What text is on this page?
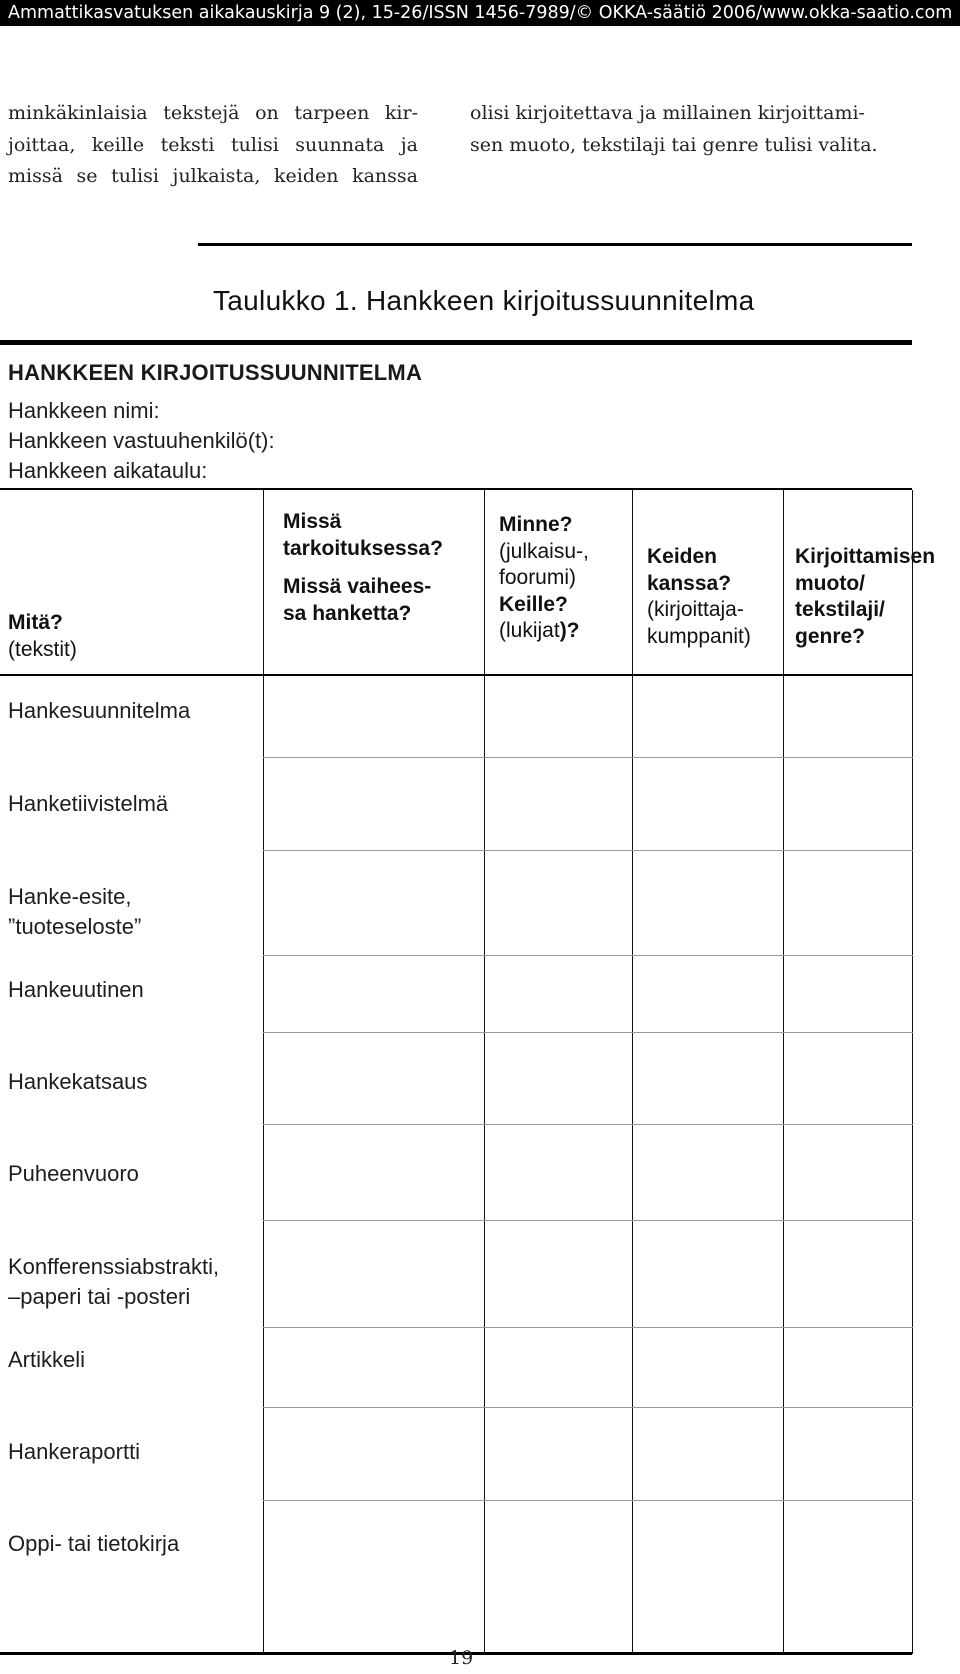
Ammattikasvatuksen aikakauskirja 9 (2), 15-26/ISSN 1456-7989/© OKKA-säätiö 2006/www.okka-saatio.com
minkäkinlaisia tekstejä on tarpeen kir-
joittaa, keille teksti tulisi suunnata ja
missä se tulisi julkaista, keiden kanssa
olisi kirjoitettava ja millainen kirjoittami-
sen muoto, tekstilaji tai genre tulisi valita.
Taulukko 1. Hankkeen kirjoitussuunnitelma
HANKKEEN KIRJOITUSSUUNNITELMA
Hankkeen nimi:
Hankkeen vastuuhenkilö(t):
Hankkeen aikataulu:
Mitä?
(tekstit)
Missä
tarkoituksessa?
Missä vaihees-
sa hanketta?
Minne?
(julkaisu-,
foorumi)
Keille?
(lukijat)?
Keiden
kanssa?
(kirjoittaja-
kumppanit)
Kirjoittamisen
muoto/
tekstilaji/
genre?
Hankesuunnitelma
Hanketiivistelmä
Hanke-esite,
”tuoteseloste”
Hankeuutinen
Hankekatsaus
Puheenvuoro
Konfferenssiabstrakti,
–paperi tai -posteri
Artikkeli
Hankeraportti
Oppi- tai tietokirja
19
